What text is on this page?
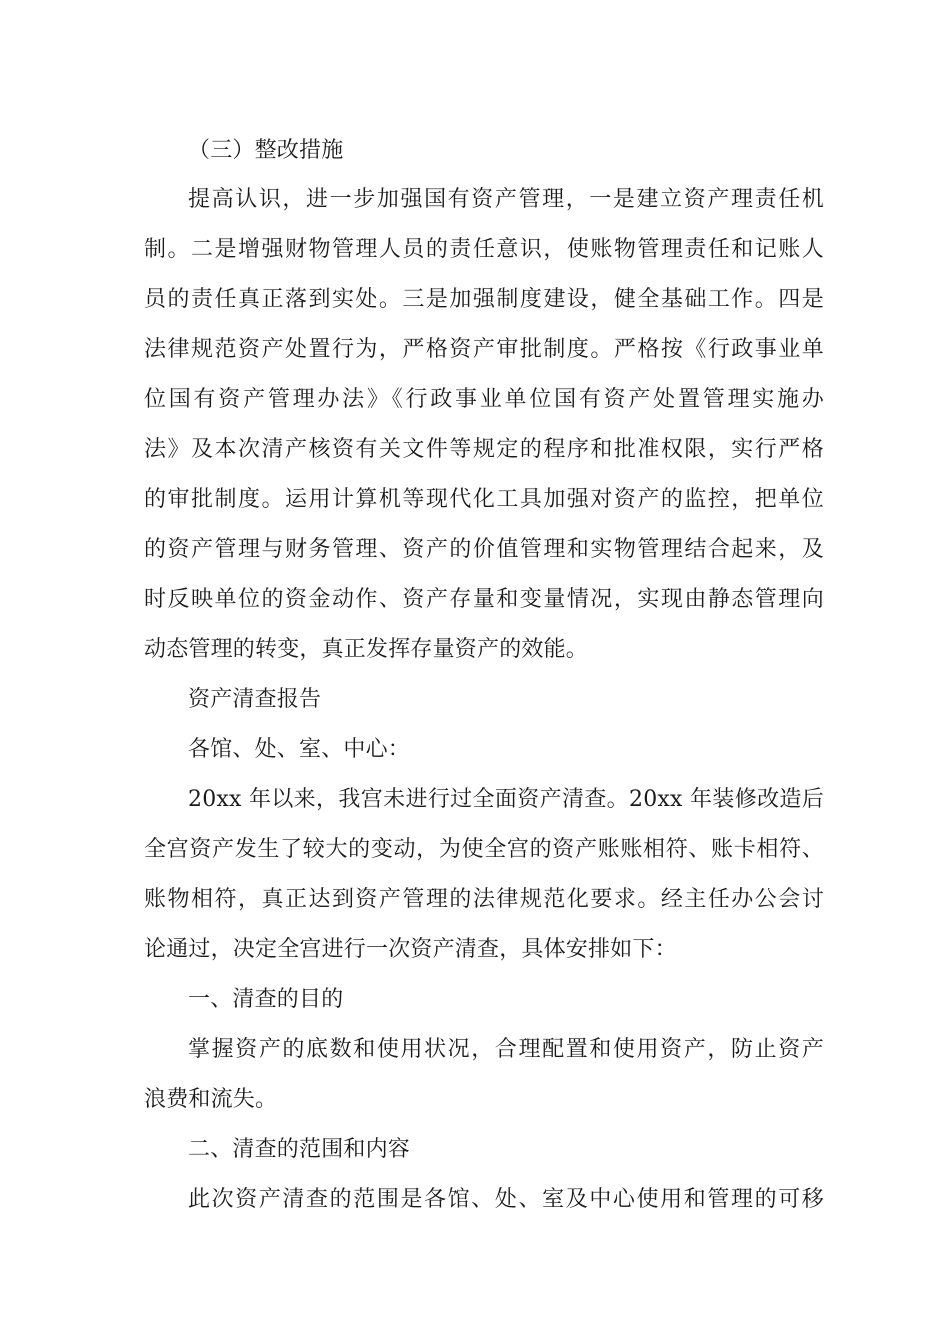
（三）整改措施
提高认识，进一步加强国有资产管理，一是建立资产理责任机
制。二是增强财物管理人员的责任意识，使账物管理责任和记账人
员的责任真正落到实处。三是加强制度建设，健全基础工作。四是
法律规范资产处置行为，严格资产审批制度。严格按《行政事业单
位国有资产管理办法》《行政事业单位国有资产处置管理实施办
法》及本次清产核资有关文件等规定的程序和批准权限，实行严格
的审批制度。运用计算机等现代化工具加强对资产的监控，把单位
的资产管理与财务管理、资产的价值管理和实物管理结合起来，及
时反映单位的资金动作、资产存量和变量情况，实现由静态管理向
动态管理的转变，真正发挥存量资产的效能。
资产清查报告
各馆、处、室、中心：
20xx 年以来，我宫未进行过全面资产清查。20xx 年装修改造后
全宫资产发生了较大的变动，为使全宫的资产账账相符、账卡相符、
账物相符，真正达到资产管理的法律规范化要求。经主任办公会讨
论通过，决定全宫进行一次资产清查，具体安排如下：
一、清查的目的
掌握资产的底数和使用状况，合理配置和使用资产，防止资产
浪费和流失。
二、清查的范围和内容
此次资产清查的范围是各馆、处、室及中心使用和管理的可移
